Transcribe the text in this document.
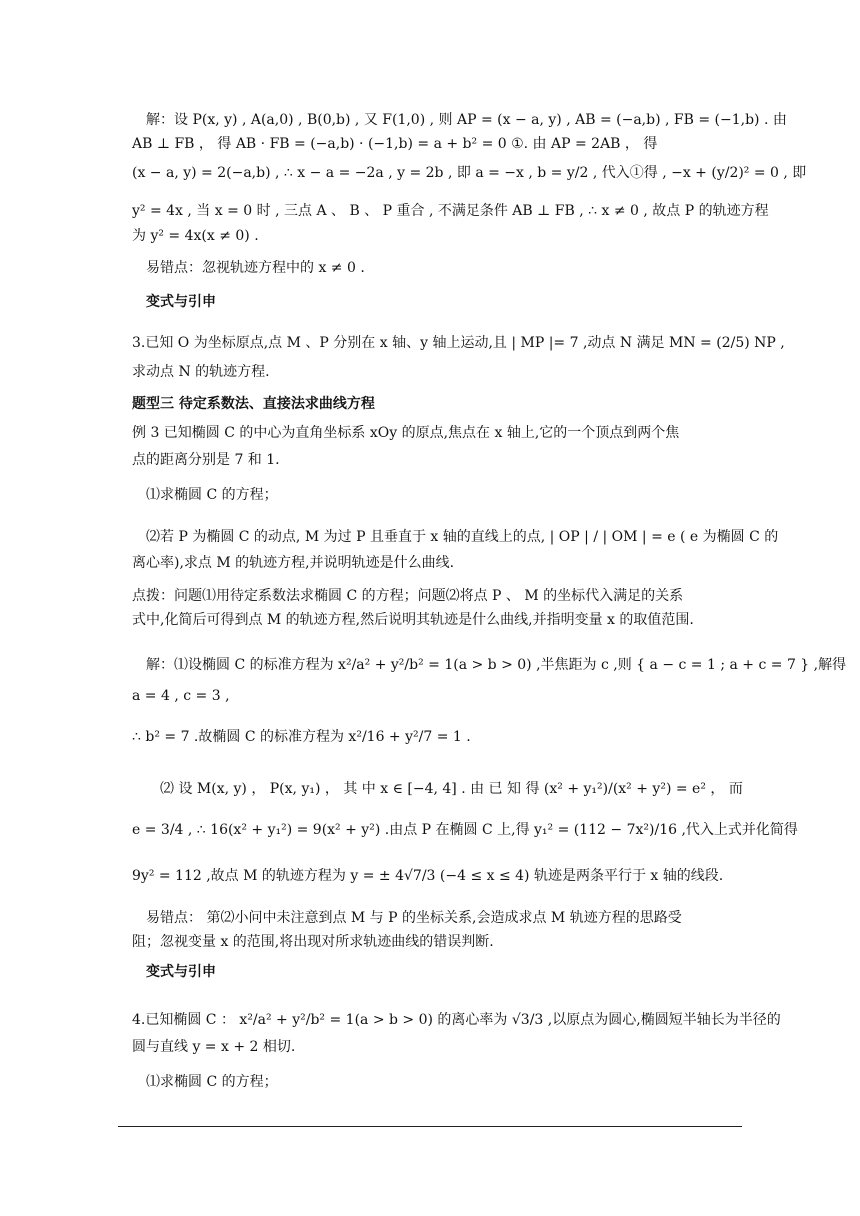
解：设 P(x, y) , A(a,0) , B(0,b) , 又 F(1,0) , 则 AP = (x − a, y) , AB = (−a,b) , FB = (−1,b) . 由
AB ⊥ FB ， 得 AB · FB = (−a,b) · (−1,b) = a + b² = 0 ①. 由 AP = 2AB ， 得
(x − a, y) = 2(−a,b) , ∴ x − a = −2a , y = 2b , 即 a = −x , b = y/2 , 代入①得 , −x + (y/2)² = 0 , 即
y² = 4x , 当 x = 0 时 , 三点 A 、 B 、 P 重合 , 不满足条件 AB ⊥ FB , ∴ x ≠ 0 , 故点 P 的轨迹方程
为 y² = 4x(x ≠ 0) .
易错点：忽视轨迹方程中的 x ≠ 0 .
变式与引申
3.已知 O 为坐标原点,点 M 、P 分别在 x 轴、y 轴上运动,且 | MP |= 7 ,动点 N 满足 MN = (2/5) NP ,
求动点 N 的轨迹方程.
题型三 待定系数法、直接法求曲线方程
例 3 已知椭圆 C 的中心为直角坐标系 xOy 的原点,焦点在 x 轴上,它的一个顶点到两个焦
点的距离分别是 7 和 1.
⑴求椭圆 C 的方程；
⑵若 P 为椭圆 C 的动点, M 为过 P 且垂直于 x 轴的直线上的点, | OP | / | OM | = e ( e 为椭圆 C 的
离心率),求点 M 的轨迹方程,并说明轨迹是什么曲线.
点拨：问题⑴用待定系数法求椭圆 C 的方程；问题⑵将点 P 、 M 的坐标代入满足的关系
式中,化简后可得到点 M 的轨迹方程,然后说明其轨迹是什么曲线,并指明变量 x 的取值范围.
解：⑴设椭圆 C 的标准方程为 x²/a² + y²/b² = 1(a > b > 0) ,半焦距为 c ,则 { a − c = 1 ; a + c = 7 } ,解得
a = 4 , c = 3 ,
∴ b² = 7 .故椭圆 C 的标准方程为 x²/16 + y²/7 = 1 .
⑵ 设 M(x, y) ， P(x, y₁) ， 其 中 x ∈ [−4, 4] . 由 已 知 得 (x² + y₁²)/(x² + y²) = e² ， 而
e = 3/4 , ∴ 16(x² + y₁²) = 9(x² + y²) .由点 P 在椭圆 C 上,得 y₁² = (112 − 7x²)/16 ,代入上式并化简得
9y² = 112 ,故点 M 的轨迹方程为 y = ± 4√7/3 (−4 ≤ x ≤ 4) 轨迹是两条平行于 x 轴的线段.
易错点： 第⑵小问中未注意到点 M 与 P 的坐标关系,会造成求点 M 轨迹方程的思路受
阻；忽视变量 x 的范围,将出现对所求轨迹曲线的错误判断.
变式与引申
4.已知椭圆 C ： x²/a² + y²/b² = 1(a > b > 0) 的离心率为 √3/3 ,以原点为圆心,椭圆短半轴长为半径的
圆与直线 y = x + 2 相切.
⑴求椭圆 C 的方程；
